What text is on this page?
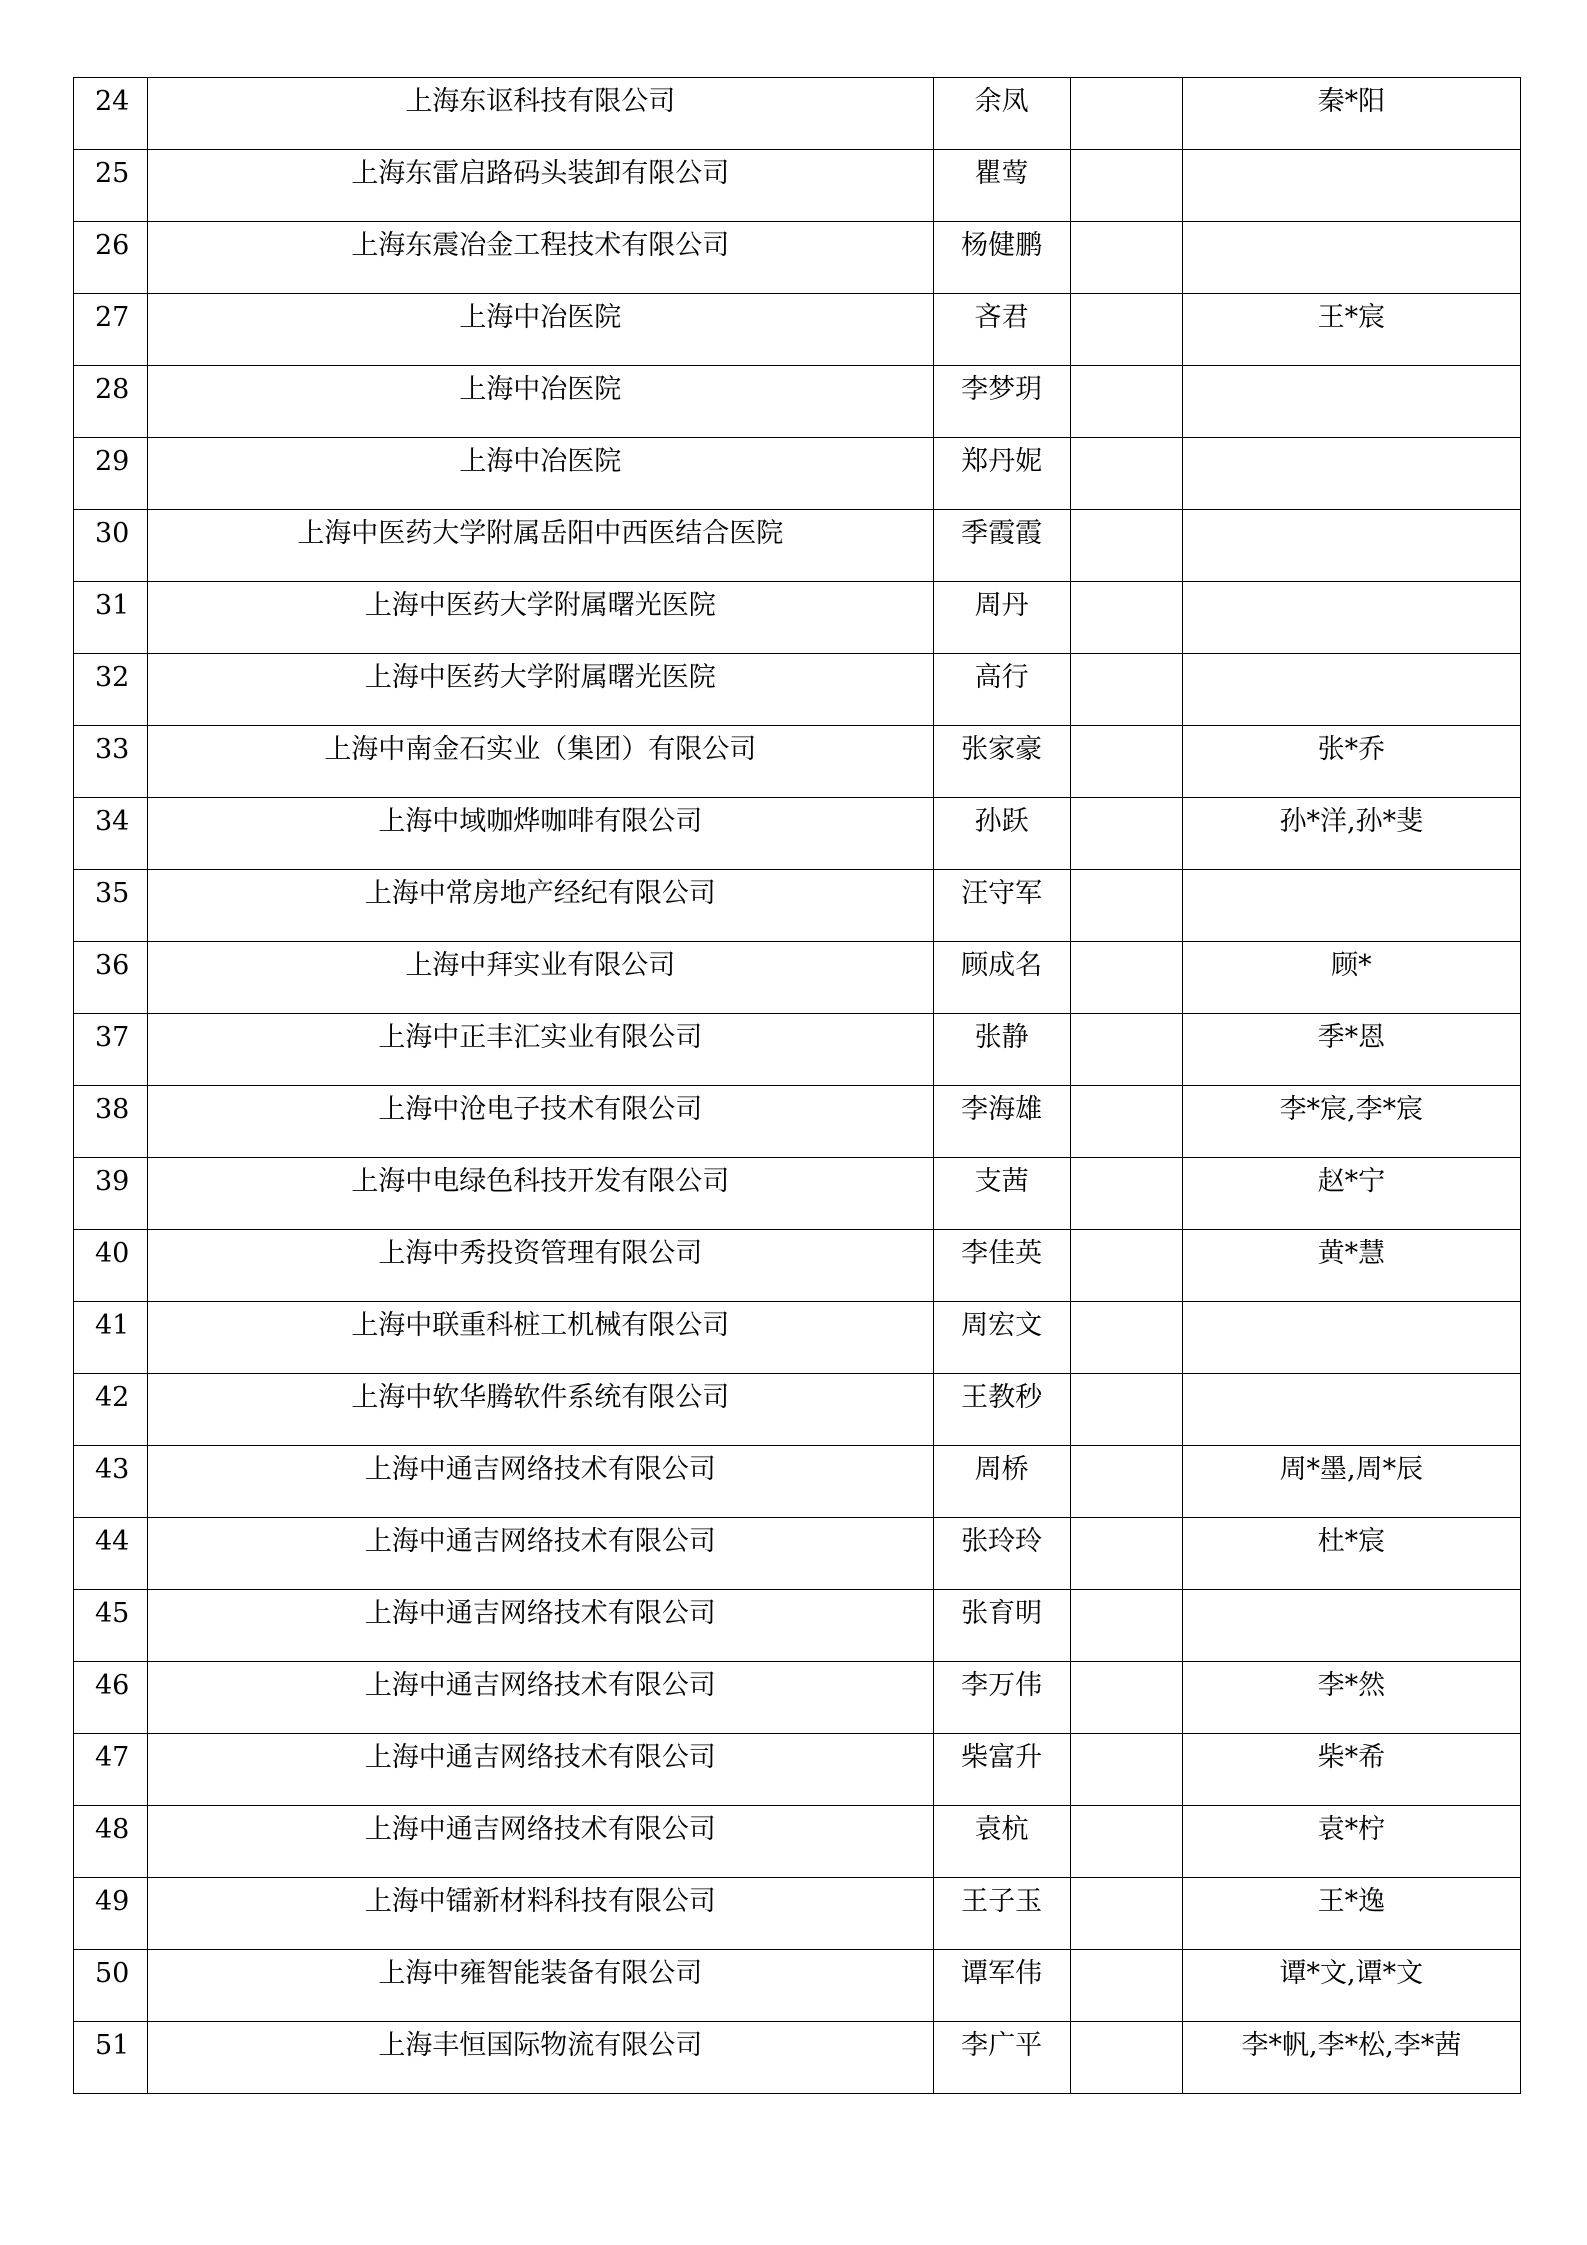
24	上海东讴科技有限公司	余凤		秦*阳

25	上海东雷启路码头装卸有限公司	瞿莺		

26	上海东震冶金工程技术有限公司	杨健鹏		

27	上海中冶医院	吝君		王*宸

28	上海中冶医院	李梦玥		

29	上海中冶医院	郑丹妮		

30	上海中医药大学附属岳阳中西医结合医院	季霞霞		

31	上海中医药大学附属曙光医院	周丹		

32	上海中医药大学附属曙光医院	高行		

33	上海中南金石实业（集团）有限公司	张家豪		张*乔

34	上海中域咖烨咖啡有限公司	孙跃		孙*洋,孙*斐

35	上海中常房地产经纪有限公司	汪守军		

36	上海中拜实业有限公司	顾成名		顾*

37	上海中正丰汇实业有限公司	张静		季*恩

38	上海中沧电子技术有限公司	李海雄		李*宸,李*宸

39	上海中电绿色科技开发有限公司	支茜		赵*宁

40	上海中秀投资管理有限公司	李佳英		黄*慧

41	上海中联重科桩工机械有限公司	周宏文		

42	上海中软华腾软件系统有限公司	王教秒		

43	上海中通吉网络技术有限公司	周桥		周*墨,周*辰

44	上海中通吉网络技术有限公司	张玲玲		杜*宸

45	上海中通吉网络技术有限公司	张育明		

46	上海中通吉网络技术有限公司	李万伟		李*然

47	上海中通吉网络技术有限公司	柴富升		柴*希

48	上海中通吉网络技术有限公司	袁杭		袁*柠

49	上海中镭新材料科技有限公司	王子玉		王*逸

50	上海中雍智能装备有限公司	谭军伟		谭*文,谭*文

51	上海丰恒国际物流有限公司	李广平		李*帆,李*松,李*茜
